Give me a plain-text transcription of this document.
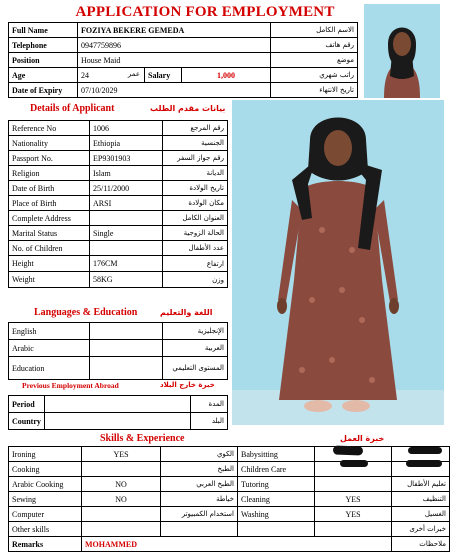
APPLICATION FOR EMPLOYMENT
Full Name	FOZIYA BEKERE GEMEDA			الاسم الكامل
Telephone	0947759896			رقم هاتف
Position	House Maid			موضع
Age	24 عمر	Salary	1,000	راتب شهري
Date of Expiry	07/10/2029			تاريخ الانتهاء
Details of Applicant	بيانات مقدم الطلب
Reference No	1006	رقم المرجع
Nationality	Ethiopia	الجنسية
Passport No.	EP9301903	رقم جواز السفر
Religion	Islam	الديانة
Date of Birth	25/11/2000	تاريخ الولادة
Place of Birth	ARSI	مكان الولادة
Complete Address		العنوان الكامل
Marital Status	Single	الحالة الزوجية
No. of Children		عدد الأطفال
Height	176CM	ارتفاع
Weight	58KG	وزن
Languages & Education	اللغة والتعليم
English		الإنجليزية
Arabic		العربية
Education		المستوى التعليمي
Previous Employment Abroad	خبرة خارج البلاد
Period		المدة
Country		البلد
Skills & Experience	خبرة العمل
Ironing	YES	الكوي	Babysitting		
Cooking		الطبخ	Children Care		
Arabic Cooking	NO	الطبخ العربي	Tutoring		تعليم الأطفال
Sewing	NO	خياطة	Cleaning	YES	التنظيف
Computer		استخدام الكمبيوتر	Washing	YES	الغسيل
Other skills					خبرات أخرى
Remarks	MOHAMMED				ملاحظات
